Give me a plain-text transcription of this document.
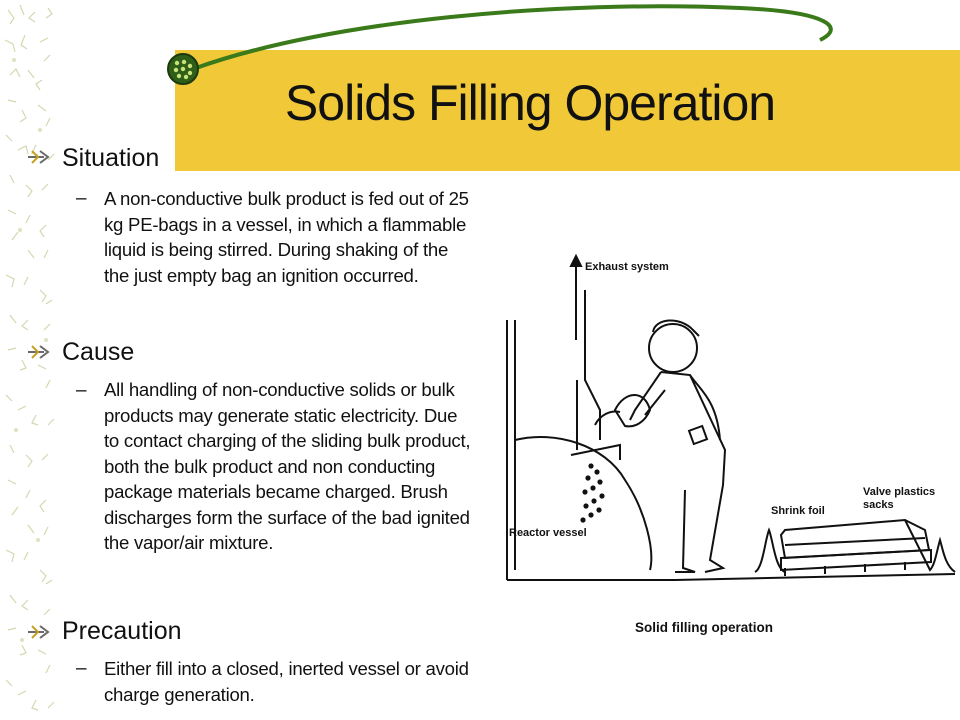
Solids Filling Operation
Situation
– A non-conductive bulk product is fed out of 25 kg PE-bags in a vessel, in which a flammable liquid is being stirred. During shaking of the the just empty bag an ignition occurred.
Cause
– All handling of non-conductive solids or bulk products may generate static electricity. Due to contact charging of the sliding bulk product, both the bulk product and non conducting package materials became charged. Brush discharges form the surface of the bad ignited the vapor/air mixture.
Precaution
– Either fill into a closed, inerted vessel or avoid charge generation.
Exhaust system
Reactor vessel
Shrink foil
Valve plastics
sacks
Solid filling operation
